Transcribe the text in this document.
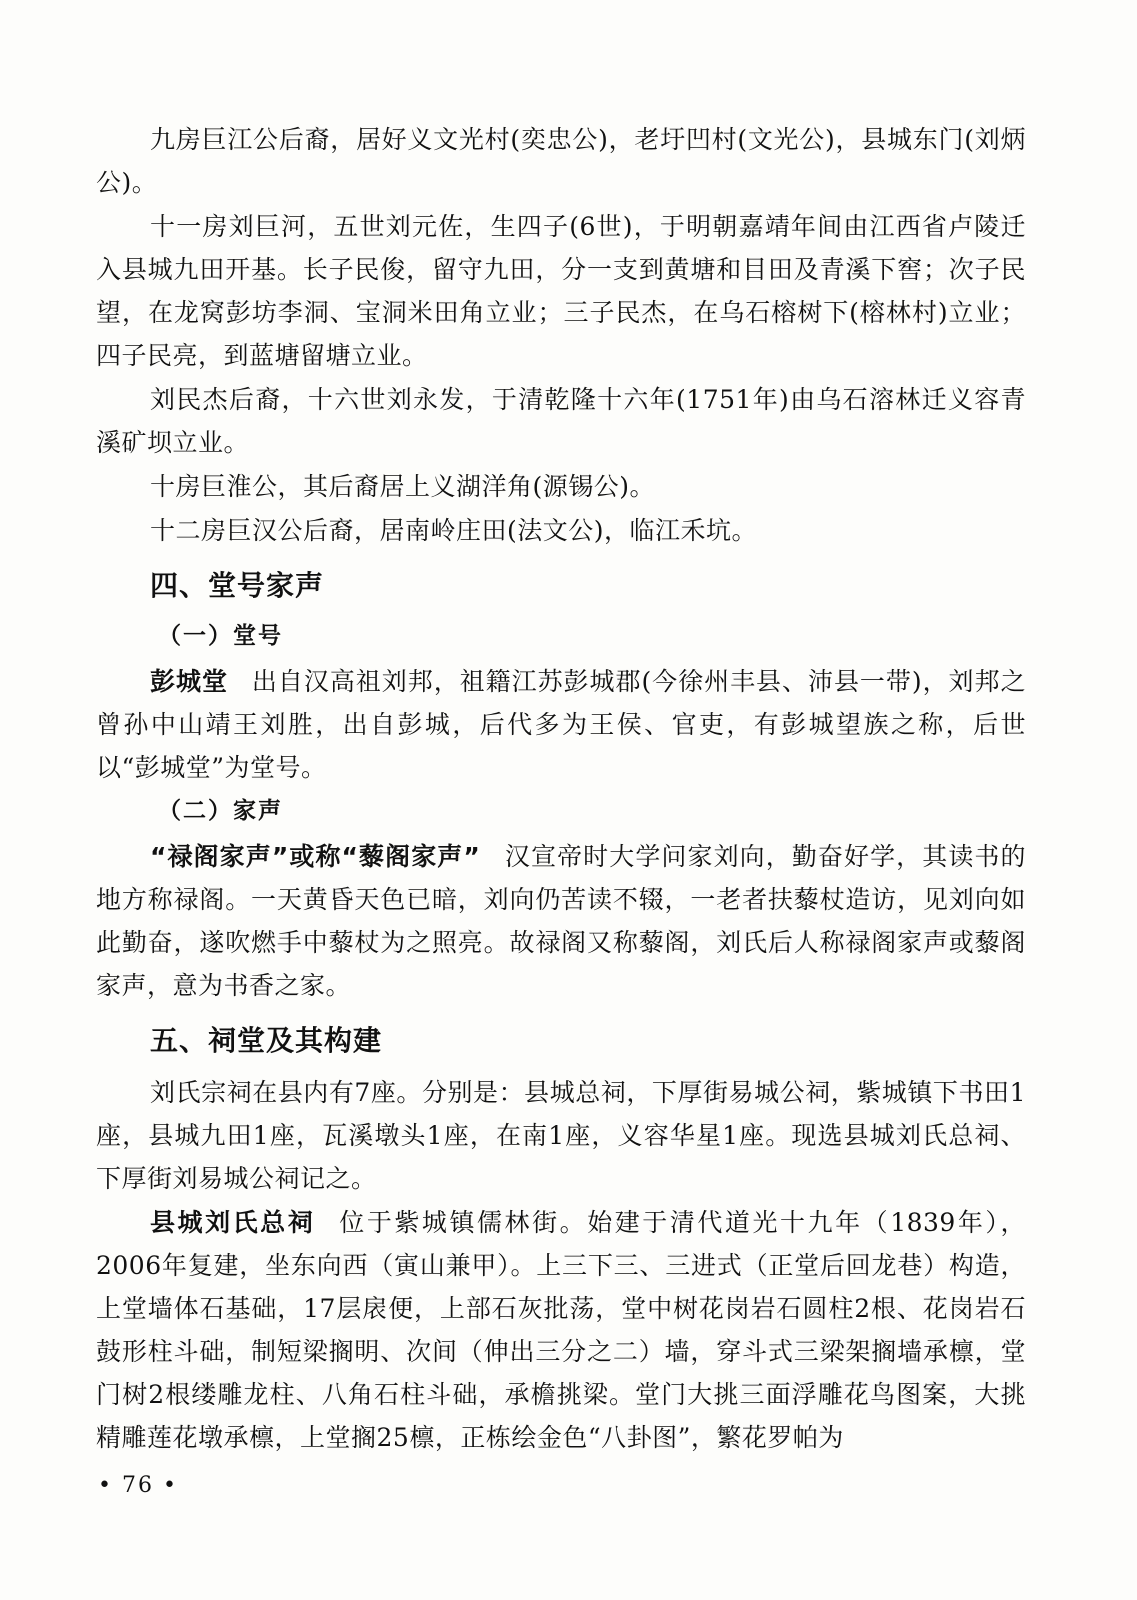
九房巨江公后裔，居好义文光村(奕忠公)，老圩凹村(文光公)，县城东门(刘炳公)。

十一房刘巨河，五世刘元佐，生四子(6世)，于明朝嘉靖年间由江西省卢陵迁入县城九田开基。长子民俊，留守九田，分一支到黄塘和目田及青溪下窖；次子民望，在龙窝彭坊李洞、宝洞米田角立业；三子民杰，在乌石榕树下(榕林村)立业；四子民亮，到蓝塘留塘立业。

刘民杰后裔，十六世刘永发，于清乾隆十六年(1751年)由乌石溶林迁义容青溪矿坝立业。

十房巨淮公，其后裔居上义湖洋角(源锡公)。

十二房巨汉公后裔，居南岭庄田(法文公)，临江禾坑。

四、堂号家声
（一）堂号

彭城堂 出自汉高祖刘邦，祖籍江苏彭城郡(今徐州丰县、沛县一带)，刘邦之曾孙中山靖王刘胜，出自彭城，后代多为王侯、官吏，有彭城望族之称，后世以“彭城堂”为堂号。

（二）家声

“禄阁家声”或称“藜阁家声” 汉宣帝时大学问家刘向，勤奋好学，其读书的地方称禄阁。一天黄昏天色已暗，刘向仍苦读不辍，一老者扶藜杖造访，见刘向如此勤奋，遂吹燃手中藜杖为之照亮。故禄阁又称藜阁，刘氏后人称禄阁家声或藜阁家声，意为书香之家。

五、祠堂及其构建

刘氏宗祠在县内有7座。分别是：县城总祠，下厚街易城公祠，紫城镇下书田1座，县城九田1座，瓦溪墩头1座，在南1座，义容华星1座。现选县城刘氏总祠、下厚街刘易城公祠记之。

县城刘氏总祠 位于紫城镇儒林街。始建于清代道光十九年（1839年），2006年复建，坐东向西（寅山兼甲）。上三下三、三进式（正堂后回龙巷）构造，上堂墙体石基础，17层扆便，上部石灰批荡，堂中树花岗岩石圆柱2根、花岗岩石鼓形柱斗础，制短梁搁明、次间（伸出三分之二）墙，穿斗式三梁架搁墙承檩，堂门树2根缕雕龙柱、八角石柱斗础，承檐挑梁。堂门大挑三面浮雕花鸟图案，大挑精雕莲花墩承檩，上堂搁25檩，正栋绘金色“八卦图”，繁花罗帕为

• 76 •
